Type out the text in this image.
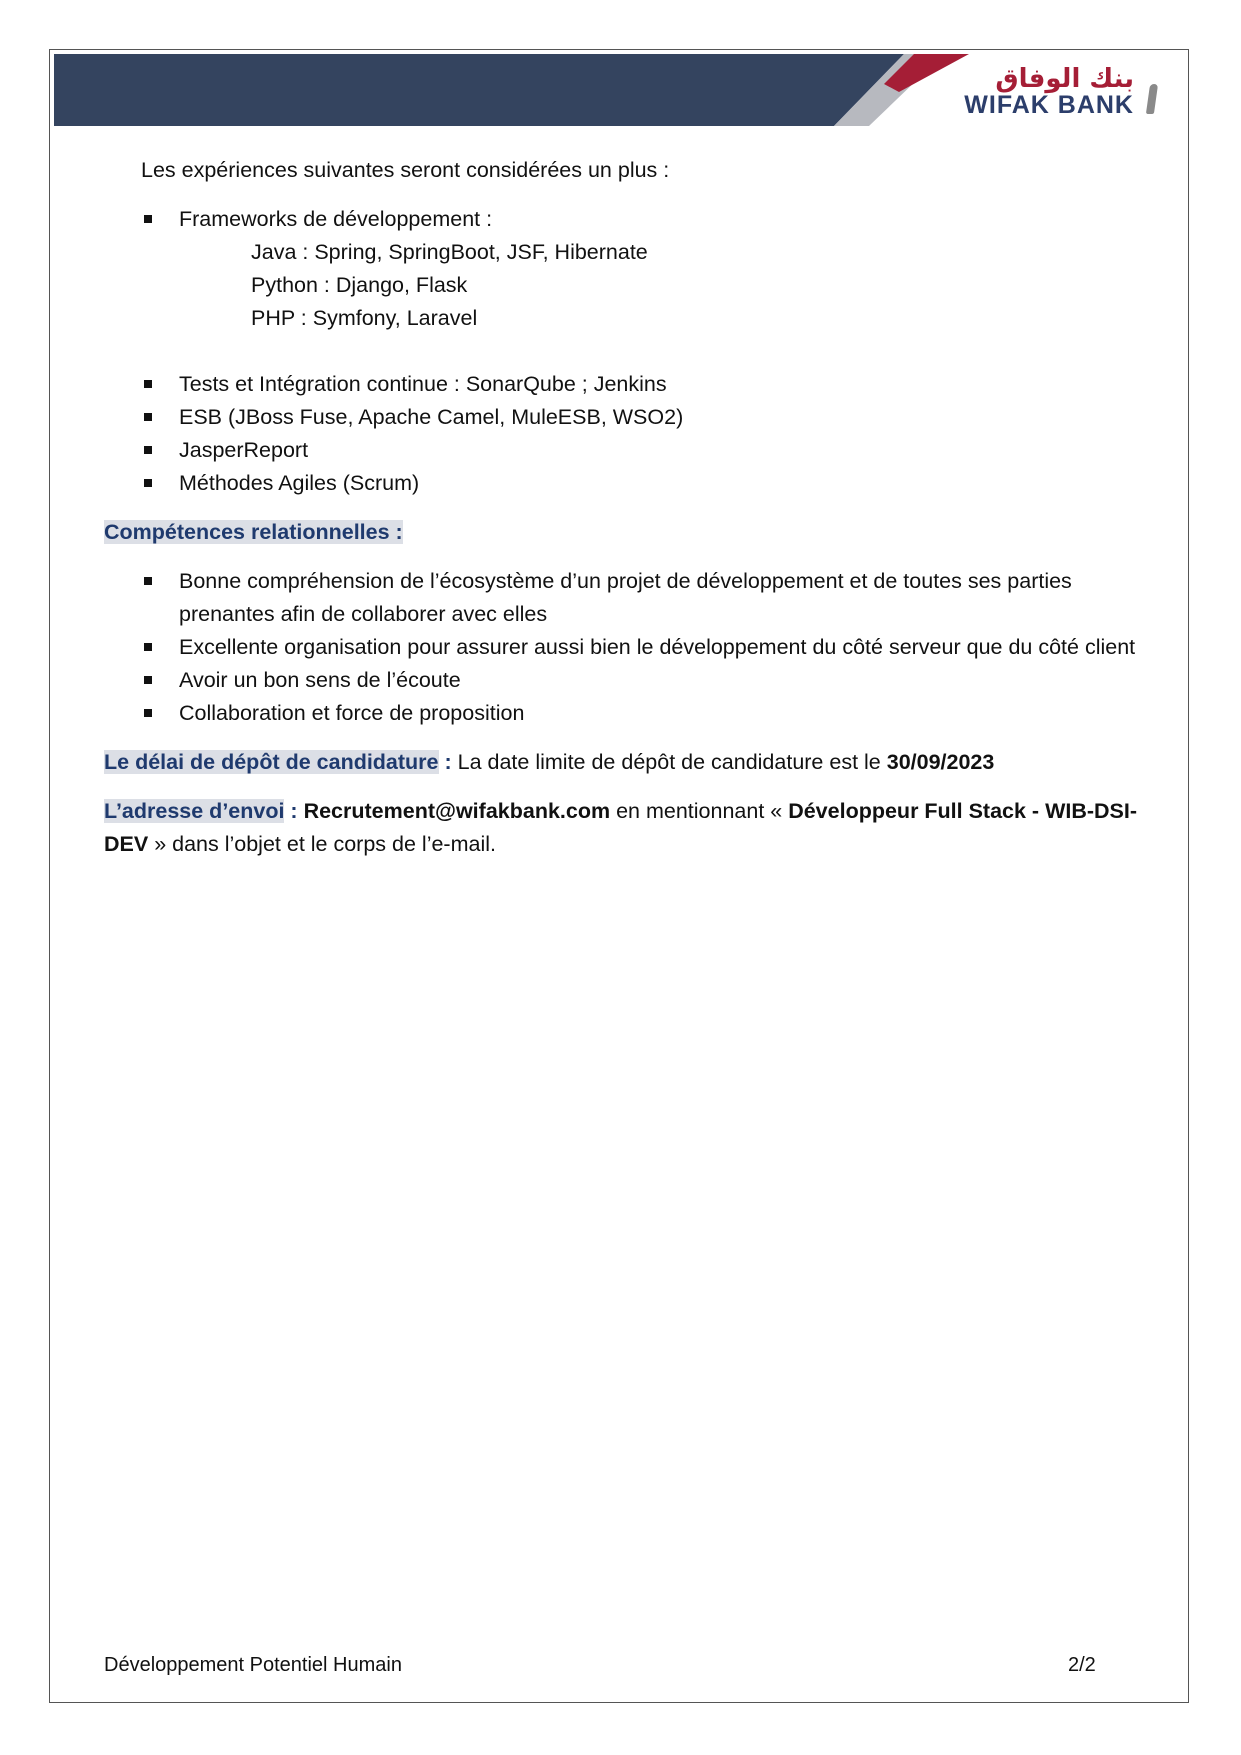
بنك الوفاق
WIFAK BANK

Les expériences suivantes seront considérées un plus :

Frameworks de développement :
Java : Spring, SpringBoot, JSF, Hibernate
Python : Django, Flask
PHP : Symfony, Laravel
Tests et Intégration continue : SonarQube ; Jenkins
ESB (JBoss Fuse, Apache Camel, MuleESB, WSO2)
JasperReport
Méthodes Agiles (Scrum)

Compétences relationnelles :

Bonne compréhension de l’écosystème d’un projet de développement et de toutes ses parties prenantes afin de collaborer avec elles
Excellente organisation pour assurer aussi bien le développement du côté serveur que du côté client
Avoir un bon sens de l’écoute
Collaboration et force de proposition

Le délai de dépôt de candidature : La date limite de dépôt de candidature est le 30/09/2023

L’adresse d’envoi : Recrutement@wifakbank.com en mentionnant « Développeur Full Stack - WIB-DSI-DEV » dans l’objet et le corps de l’e-mail.

Développement Potentiel Humain	2/2
